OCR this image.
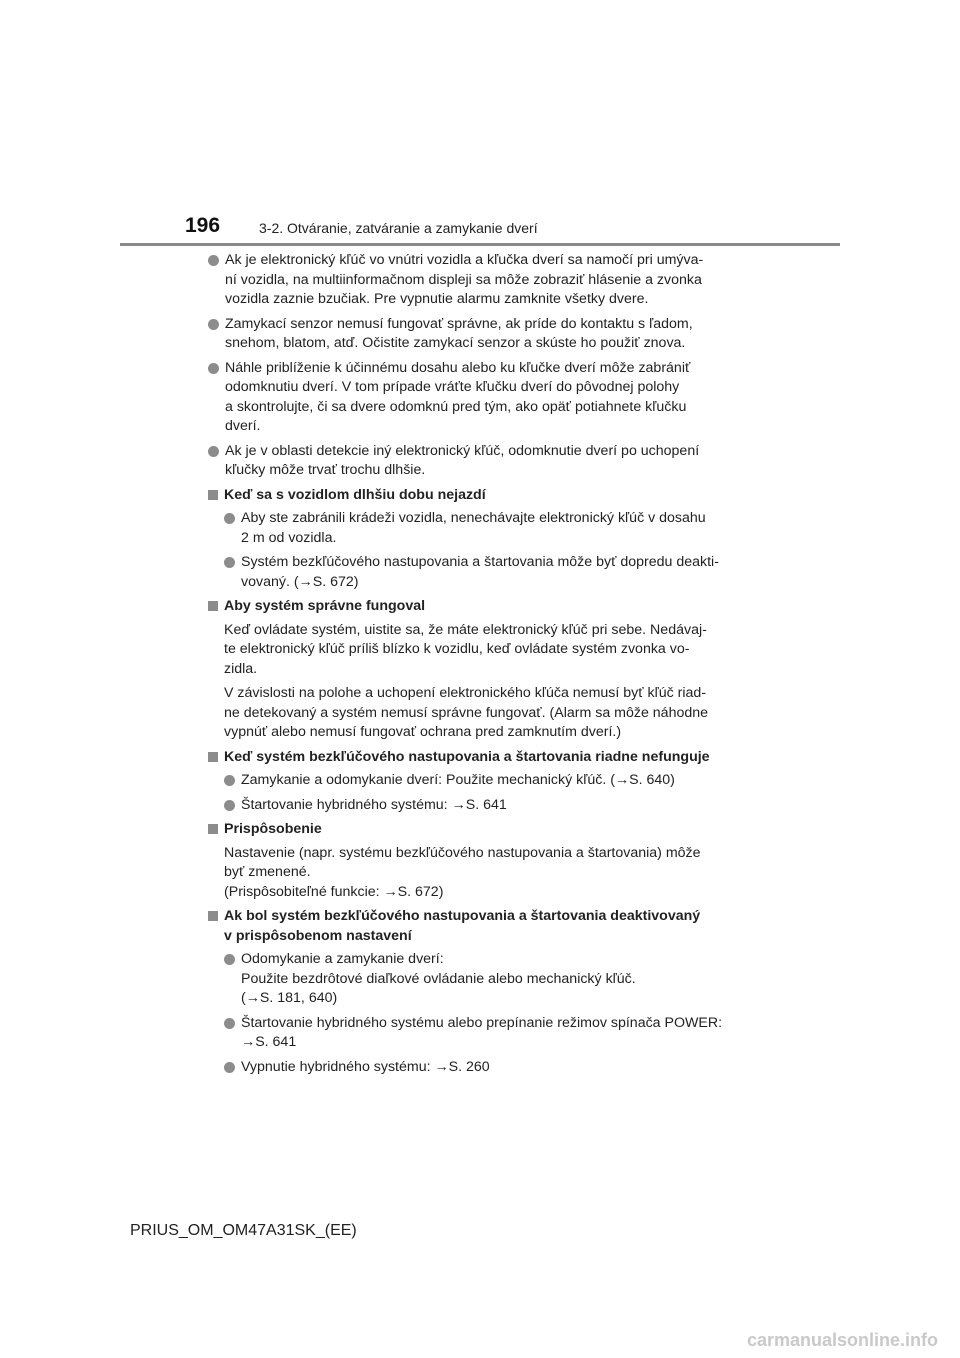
196	3-2. Otváranie, zatváranie a zamykanie dverí
Ak je elektronický kľúč vo vnútri vozidla a kľučka dverí sa namočí pri umýva-
ní vozidla, na multiinformačnom displeji sa môže zobraziť hlásenie a zvonka
vozidla zaznie bzučiak. Pre vypnutie alarmu zamknite všetky dvere.
Zamykací senzor nemusí fungovať správne, ak príde do kontaktu s ľadom,
snehom, blatom, atď. Očistite zamykací senzor a skúste ho použiť znova.
Náhle priblíženie k účinnému dosahu alebo ku kľučke dverí môže zabrániť
odomknutiu dverí. V tom prípade vráťte kľučku dverí do pôvodnej polohy
a skontrolujte, či sa dvere odomknú pred tým, ako opäť potiahnete kľučku
dverí.
Ak je v oblasti detekcie iný elektronický kľúč, odomknutie dverí po uchopení
kľučky môže trvať trochu dlhšie.
Keď sa s vozidlom dlhšiu dobu nejazdí
Aby ste zabránili krádeži vozidla, nenechávajte elektronický kľúč v dosahu
2 m od vozidla.
Systém bezkľúčového nastupovania a štartovania môže byť dopredu deakti-
vovaný. (→S. 672)
Aby systém správne fungoval
Keď ovládate systém, uistite sa, že máte elektronický kľúč pri sebe. Nedávaj-
te elektronický kľúč príliš blízko k vozidlu, keď ovládate systém zvonka vo-
zidla.
V závislosti na polohe a uchopení elektronického kľúča nemusí byť kľúč riad-
ne detekovaný a systém nemusí správne fungovať. (Alarm sa môže náhodne
vypnúť alebo nemusí fungovať ochrana pred zamknutím dverí.)
Keď systém bezkľúčového nastupovania a štartovania riadne nefunguje
Zamykanie a odomykanie dverí: Použite mechanický kľúč. (→S. 640)
Štartovanie hybridného systému: →S. 641
Prispôsobenie
Nastavenie (napr. systému bezkľúčového nastupovania a štartovania) môže
byť zmenené.
(Prispôsobiteľné funkcie: →S. 672)
Ak bol systém bezkľúčového nastupovania a štartovania deaktivovaný
v prispôsobenom nastavení
Odomykanie a zamykanie dverí:
Použite bezdrôtové diaľkové ovládanie alebo mechanický kľúč.
(→S. 181, 640)
Štartovanie hybridného systému alebo prepínanie režimov spínača POWER:
→S. 641
Vypnutie hybridného systému: →S. 260
PRIUS_OM_OM47A31SK_(EE)
carmanualsonline.info
